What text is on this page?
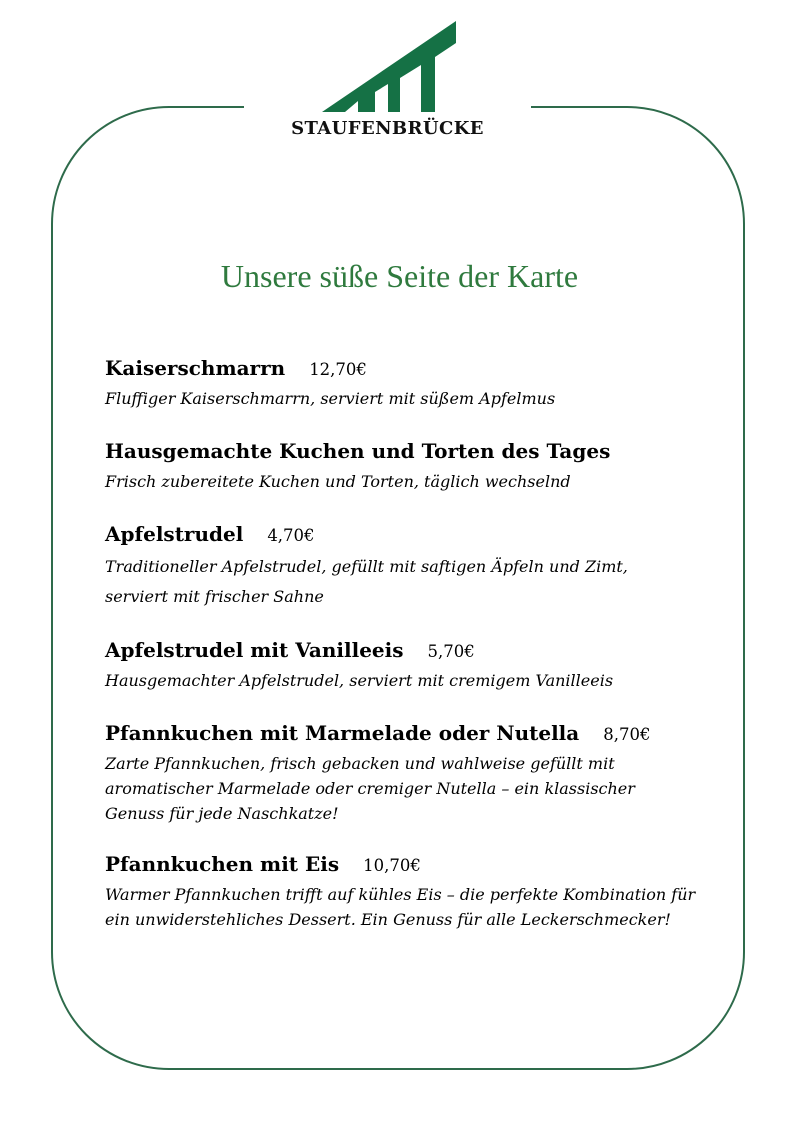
STAUFENBRÜCKE
Unsere süße Seite der Karte
Kaiserschmarrn 12,70€
Fluffiger Kaiserschmarrn, serviert mit süßem Apfelmus
Hausgemachte Kuchen und Torten des Tages
Frisch zubereitete Kuchen und Torten, täglich wechselnd
Apfelstrudel 4,70€
Traditioneller Apfelstrudel, gefüllt mit saftigen Äpfeln und Zimt, serviert mit frischer Sahne
Apfelstrudel mit Vanilleeis 5,70€
Hausgemachter Apfelstrudel, serviert mit cremigem Vanilleeis
Pfannkuchen mit Marmelade oder Nutella 8,70€
Zarte Pfannkuchen, frisch gebacken und wahlweise gefüllt mit aromatischer Marmelade oder cremiger Nutella – ein klassischer Genuss für jede Naschkatze!
Pfannkuchen mit Eis 10,70€
Warmer Pfannkuchen trifft auf kühles Eis – die perfekte Kombination für ein unwiderstehliches Dessert. Ein Genuss für alle Leckerschmecker!
